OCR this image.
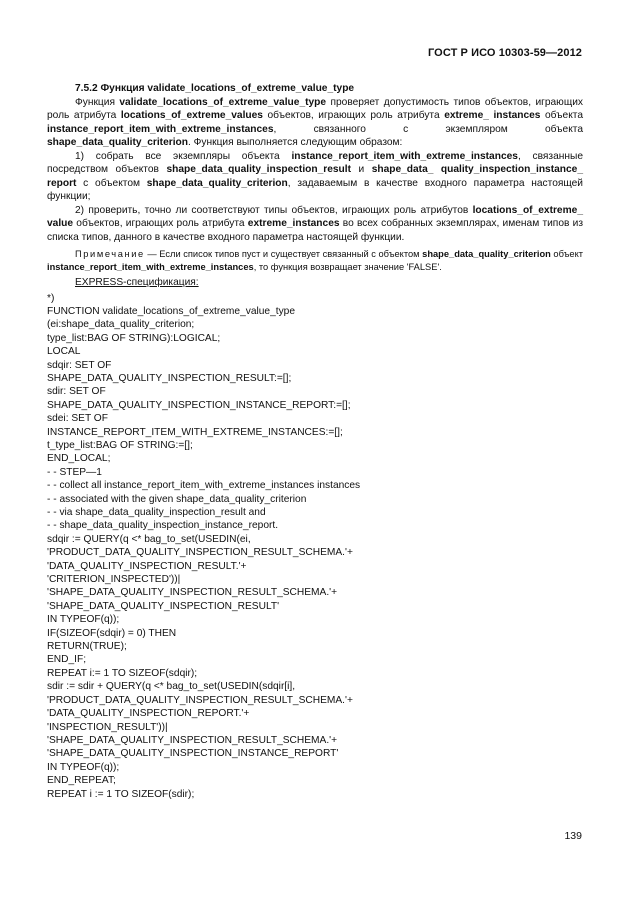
ГОСТ Р ИСО 10303-59—2012

7.5.2 Функция validate_locations_of_extreme_value_type

Функция validate_locations_of_extreme_value_type проверяет допустимость типов объектов, играющих роль атрибута locations_of_extreme_values объектов, играющих роль атрибута extreme_ instances объекта instance_report_item_with_extreme_instances, связанного с экземпляром объекта shape_data_quality_criterion. Функция выполняется следующим образом:

1) собрать все экземпляры объекта instance_report_item_with_extreme_instances, связанные посредством объектов shape_data_quality_inspection_result и shape_data_ quality_inspection_instance_ report с объектом shape_data_quality_criterion, задаваемым в качестве входного параметра настоящей функции;

2) проверить, точно ли соответствуют типы объектов, играющих роль атрибутов locations_of_extreme_ value объектов, играющих роль атрибута extreme_instances во всех собранных экземплярах, именам типов из списка типов, данного в качестве входного параметра настоящей функции.

Примечание — Если список типов пуст и существует связанный с объектом shape_data_quality_criterion объект instance_report_item_with_extreme_instances, то функция возвращает значение 'FALSE'.

EXPRESS-спецификация:

*)
FUNCTION validate_locations_of_extreme_value_type
(ei:shape_data_quality_criterion;
type_list:BAG OF STRING):LOGICAL;
LOCAL
sdqir: SET OF
SHAPE_DATA_QUALITY_INSPECTION_RESULT:=[];
sdir: SET OF
SHAPE_DATA_QUALITY_INSPECTION_INSTANCE_REPORT:=[];
sdei: SET OF
INSTANCE_REPORT_ITEM_WITH_EXTREME_INSTANCES:=[];
t_type_list:BAG OF STRING:=[];
END_LOCAL;
- - STEP—1
- - collect all instance_report_item_with_extreme_instances instances
- - associated with the given shape_data_quality_criterion
- - via shape_data_quality_inspection_result and
- - shape_data_quality_inspection_instance_report.
sdqir := QUERY(q <* bag_to_set(USEDIN(ei,
'PRODUCT_DATA_QUALITY_INSPECTION_RESULT_SCHEMA.'+
'DATA_QUALITY_INSPECTION_RESULT.'+
'CRITERION_INSPECTED'))|
'SHAPE_DATA_QUALITY_INSPECTION_RESULT_SCHEMA.'+
'SHAPE_DATA_QUALITY_INSPECTION_RESULT'
IN TYPEOF(q));
IF(SIZEOF(sdqir) = 0) THEN
RETURN(TRUE);
END_IF;
REPEAT i:= 1 TO SIZEOF(sdqir);
sdir := sdir + QUERY(q <* bag_to_set(USEDIN(sdqir[i],
'PRODUCT_DATA_QUALITY_INSPECTION_RESULT_SCHEMA.'+
'DATA_QUALITY_INSPECTION_REPORT.'+
'INSPECTION_RESULT'))|
'SHAPE_DATA_QUALITY_INSPECTION_RESULT_SCHEMA.'+
'SHAPE_DATA_QUALITY_INSPECTION_INSTANCE_REPORT'
IN TYPEOF(q));
END_REPEAT;
REPEAT i := 1 TO SIZEOF(sdir);
139
